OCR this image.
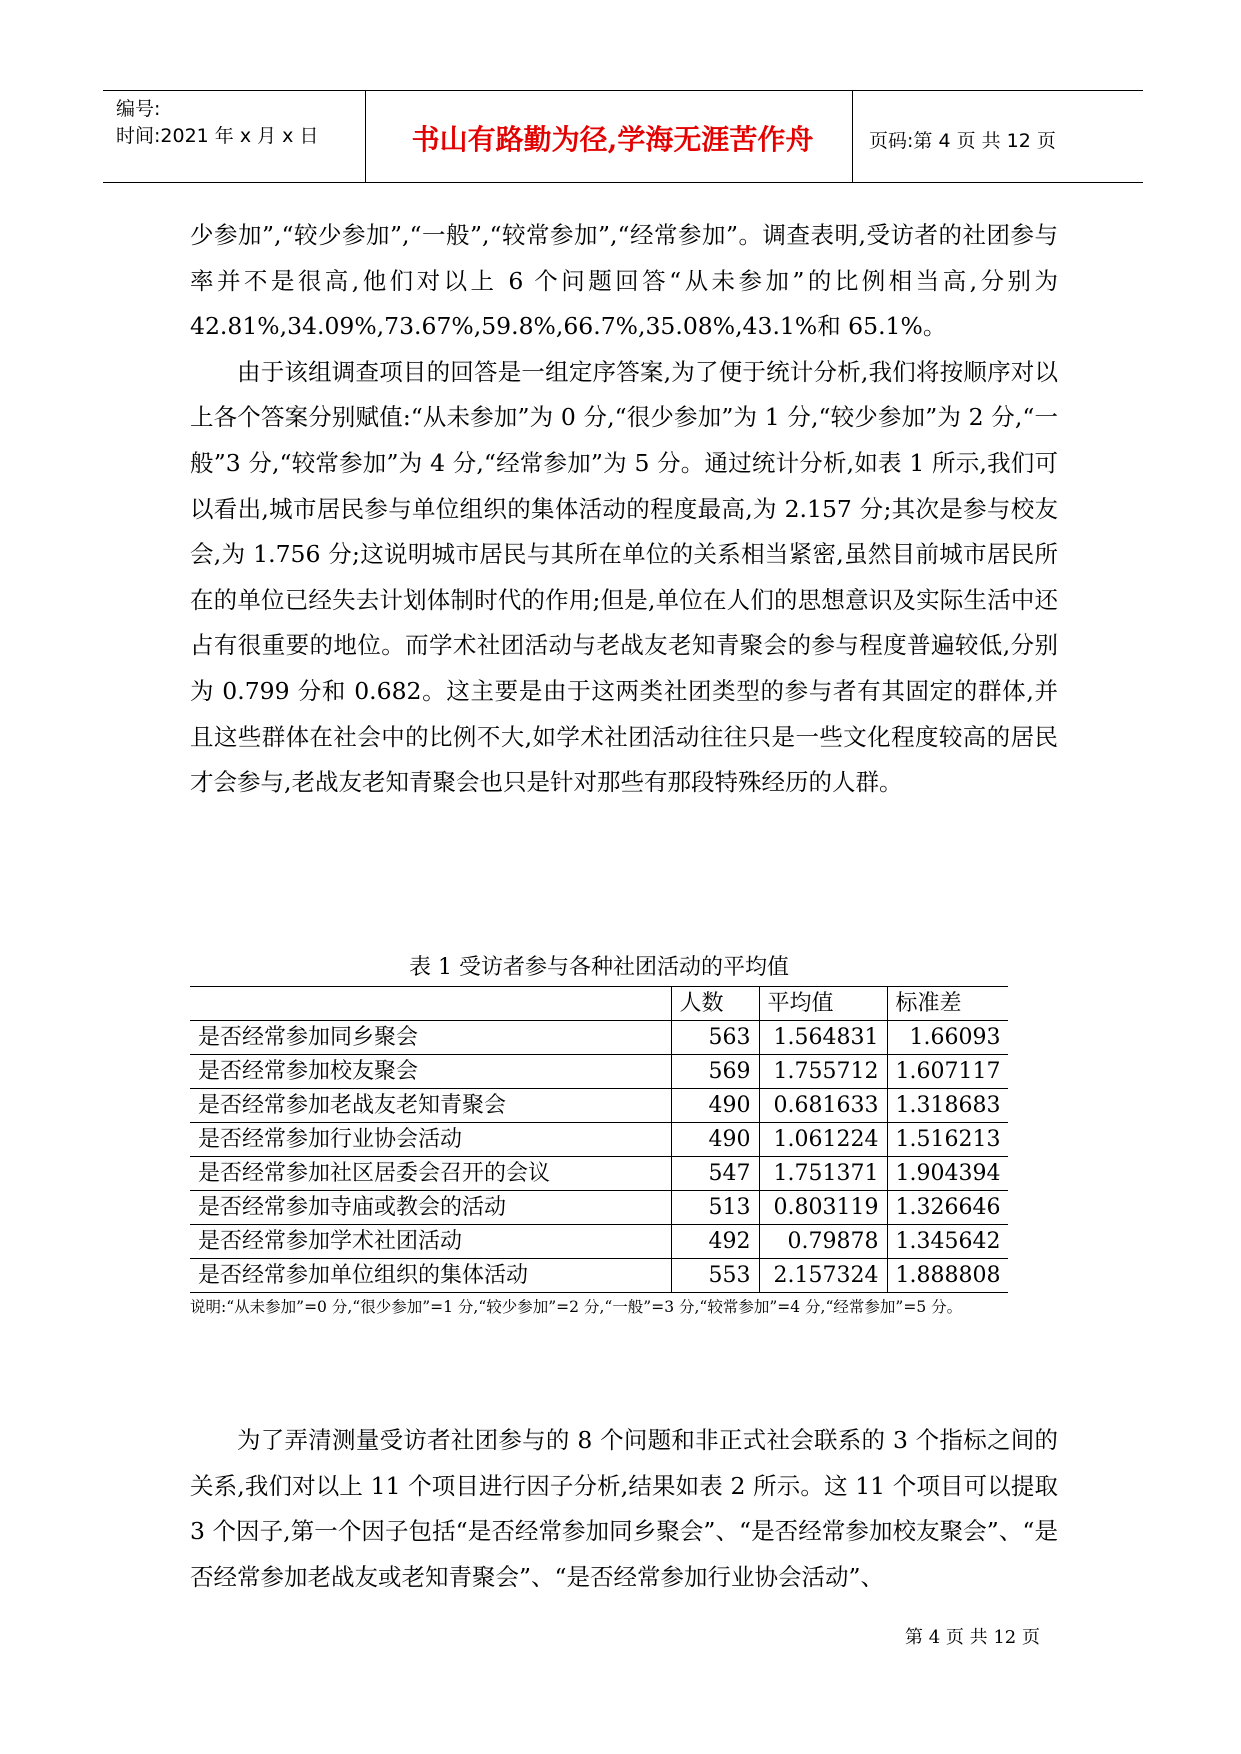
编号:
时间:2021 年 x 月 x 日	书山有路勤为径,学海无涯苦作舟	页码:第 4 页 共 12 页

少参加”,“较少参加”,“一般”,“较常参加”,“经常参加”。调查表明,受访者的社团参与率并不是很高,他们对以上 6 个问题回答“从未参加”的比例相当高,分别为 42.81%,34.09%,73.67%,59.8%,66.7%,35.08%,43.1%和 65.1%。

由于该组调查项目的回答是一组定序答案,为了便于统计分析,我们将按顺序对以上各个答案分别赋值:“从未参加”为 0 分,“很少参加”为 1 分,“较少参加”为 2 分,“一般”3 分,“较常参加”为 4 分,“经常参加”为 5 分。通过统计分析,如表 1 所示,我们可以看出,城市居民参与单位组织的集体活动的程度最高,为 2.157 分;其次是参与校友会,为 1.756 分;这说明城市居民与其所在单位的关系相当紧密,虽然目前城市居民所在的单位已经失去计划体制时代的作用;但是,单位在人们的思想意识及实际生活中还占有很重要的地位。而学术社团活动与老战友老知青聚会的参与程度普遍较低,分别为 0.799 分和 0.682。这主要是由于这两类社团类型的参与者有其固定的群体,并且这些群体在社会中的比例不大,如学术社团活动往往只是一些文化程度较高的居民才会参与,老战友老知青聚会也只是针对那些有那段特殊经历的人群。

表 1 受访者参与各种社团活动的平均值
	人数	平均值	标准差
是否经常参加同乡聚会	563	1.564831	1.66093
是否经常参加校友聚会	569	1.755712	1.607117
是否经常参加老战友老知青聚会	490	0.681633	1.318683
是否经常参加行业协会活动	490	1.061224	1.516213
是否经常参加社区居委会召开的会议	547	1.751371	1.904394
是否经常参加寺庙或教会的活动	513	0.803119	1.326646
是否经常参加学术社团活动	492	0.79878	1.345642
是否经常参加单位组织的集体活动	553	2.157324	1.888808
说明:“从未参加”=0 分,“很少参加”=1 分,“较少参加”=2 分,“一般”=3 分,“较常参加”=4 分,“经常参加”=5 分。

为了弄清测量受访者社团参与的 8 个问题和非正式社会联系的 3 个指标之间的关系,我们对以上 11 个项目进行因子分析,结果如表 2 所示。这 11 个项目可以提取 3 个因子,第一个因子包括“是否经常参加同乡聚会”、“是否经常参加校友聚会”、“是否经常参加老战友或老知青聚会”、“是否经常参加行业协会活动”、

第 4 页 共 12 页
